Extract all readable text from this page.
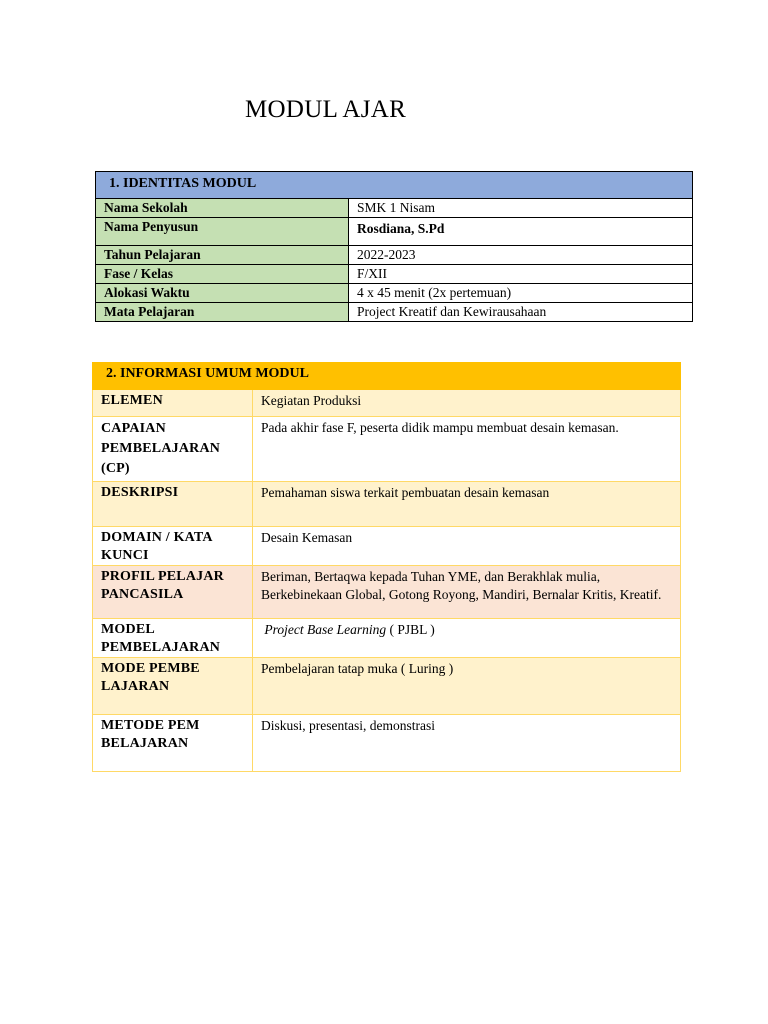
MODUL AJAR
1. IDENTITAS MODUL	
Nama Sekolah	SMK 1 Nisam
Nama Penyusun	Rosdiana, S.Pd
Tahun Pelajaran	2022-2023
Fase / Kelas	F/XII
Alokasi Waktu	4 x 45 menit (2x pertemuan)
Mata Pelajaran	Project Kreatif dan Kewirausahaan
2. INFORMASI UMUM MODUL	
ELEMEN	Kegiatan Produksi
CAPAIAN PEMBELAJARAN (CP)	Pada akhir fase F, peserta didik mampu membuat desain kemasan.
DESKRIPSI	Pemahaman siswa terkait pembuatan desain kemasan
DOMAIN / KATA KUNCI	Desain Kemasan
PROFIL PELAJAR PANCASILA	Beriman, Bertaqwa kepada Tuhan YME, dan Berakhlak mulia, Berkebinekaan Global, Gotong Royong, Mandiri, Bernalar Kritis, Kreatif.
MODEL PEMBELAJARAN	Project Base Learning ( PJBL )

MODE PEMBELAJARAN	Pembelajaran tatap muka ( Luring )

METODE PEMBELAJARAN	Diskusi, presentasi, demonstrasi
